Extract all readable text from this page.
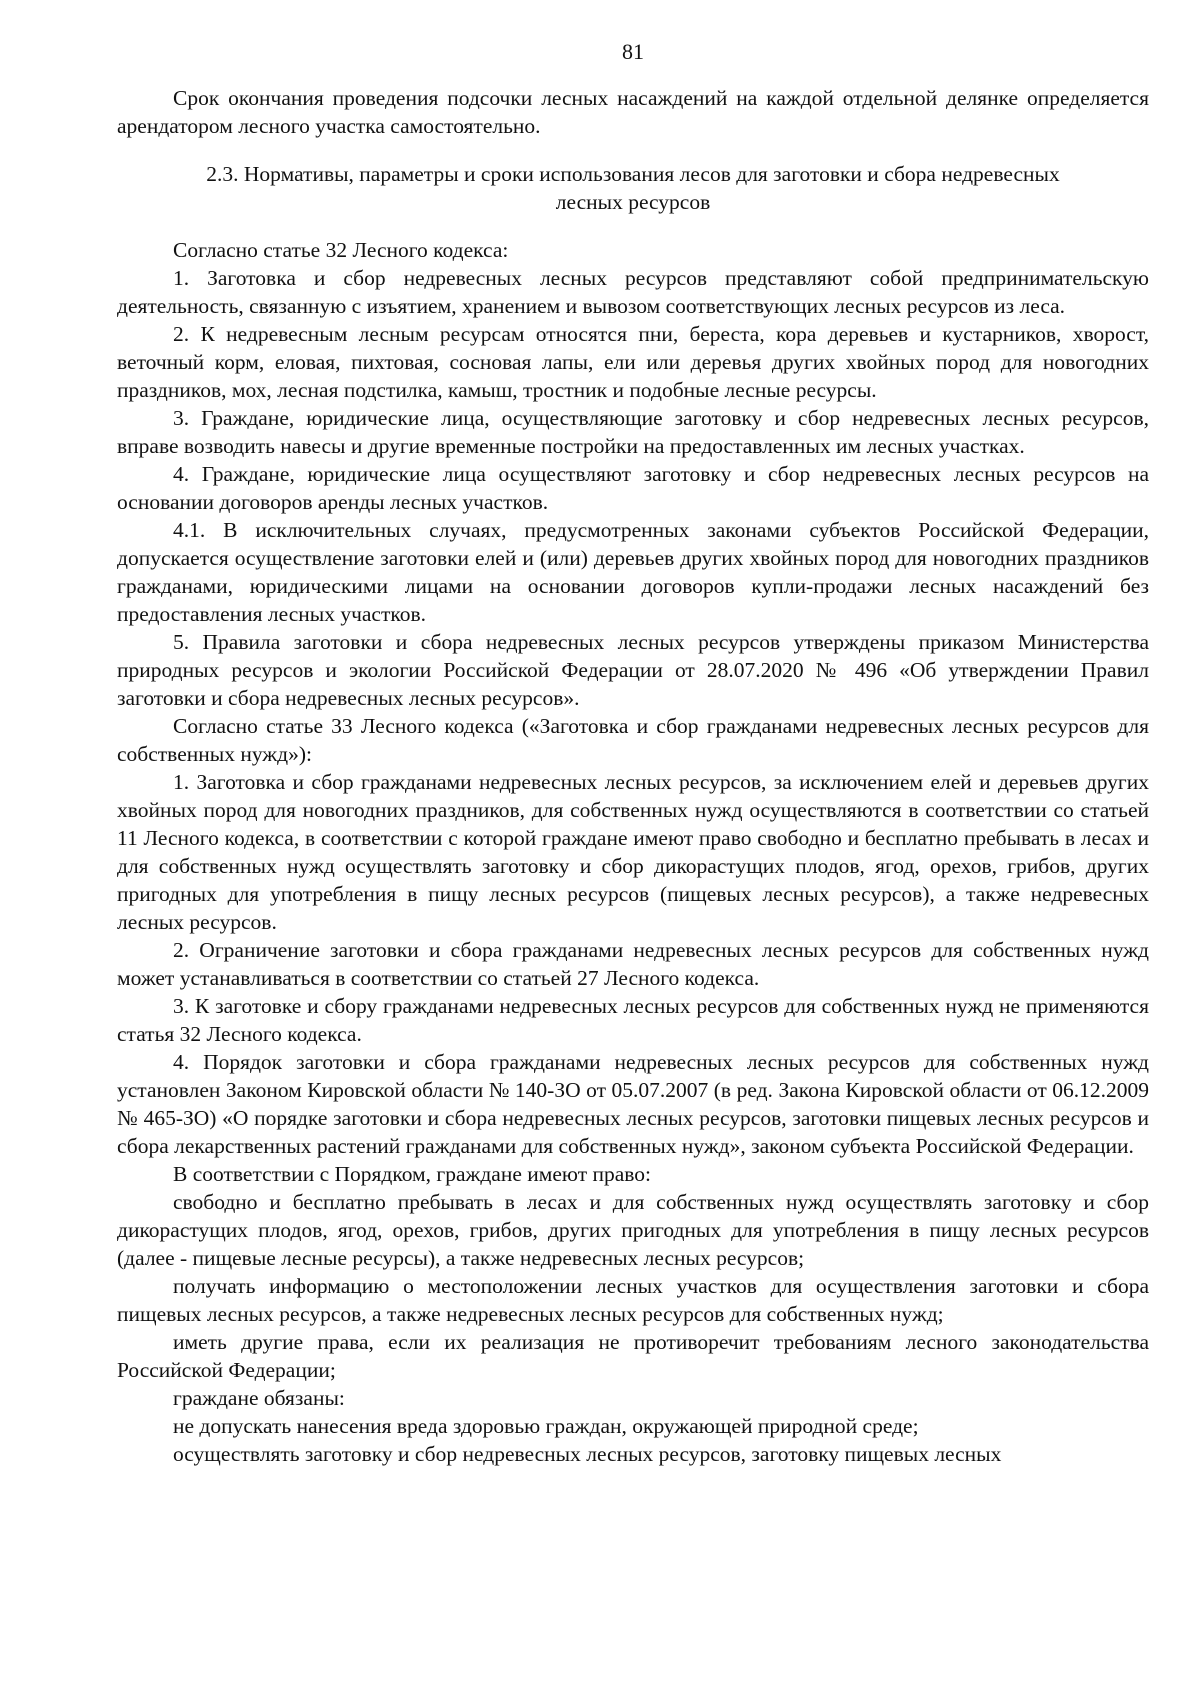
81

Срок окончания проведения подсочки лесных насаждений на каждой отдельной делянке определяется арендатором лесного участка самостоятельно.

2.3. Нормативы, параметры и сроки использования лесов для заготовки и сбора недревесных
лесных ресурсов

Согласно статье 32 Лесного кодекса:

1. Заготовка и сбор недревесных лесных ресурсов представляют собой предпринимательскую деятельность, связанную с изъятием, хранением и вывозом соответствующих лесных ресурсов из леса.

2. К недревесным лесным ресурсам относятся пни, береста, кора деревьев и кустарников, хворост, веточный корм, еловая, пихтовая, сосновая лапы, ели или деревья других хвойных пород для новогодних праздников, мох, лесная подстилка, камыш, тростник и подобные лесные ресурсы.

3. Граждане, юридические лица, осуществляющие заготовку и сбор недревесных лесных ресурсов, вправе возводить навесы и другие временные постройки на предоставленных им лесных участках.

4. Граждане, юридические лица осуществляют заготовку и сбор недревесных лесных ресурсов на основании договоров аренды лесных участков.

4.1. В исключительных случаях, предусмотренных законами субъектов Российской Федерации, допускается осуществление заготовки елей и (или) деревьев других хвойных пород для новогодних праздников гражданами, юридическими лицами на основании договоров купли-продажи лесных насаждений без предоставления лесных участков.

5. Правила заготовки и сбора недревесных лесных ресурсов утверждены приказом Министерства природных ресурсов и экологии Российской Федерации от 28.07.2020 № 496 «Об утверждении Правил заготовки и сбора недревесных лесных ресурсов».

Согласно статье 33 Лесного кодекса («Заготовка и сбор гражданами недревесных лесных ресурсов для собственных нужд»):

1. Заготовка и сбор гражданами недревесных лесных ресурсов, за исключением елей и деревьев других хвойных пород для новогодних праздников, для собственных нужд осуществляются в соответствии со статьей 11 Лесного кодекса, в соответствии с которой граждане имеют право свободно и бесплатно пребывать в лесах и для собственных нужд осуществлять заготовку и сбор дикорастущих плодов, ягод, орехов, грибов, других пригодных для употребления в пищу лесных ресурсов (пищевых лесных ресурсов), а также недревесных лесных ресурсов.

2. Ограничение заготовки и сбора гражданами недревесных лесных ресурсов для собственных нужд может устанавливаться в соответствии со статьей 27 Лесного кодекса.

3. К заготовке и сбору гражданами недревесных лесных ресурсов для собственных нужд не применяются статья 32 Лесного кодекса.

4. Порядок заготовки и сбора гражданами недревесных лесных ресурсов для собственных нужд установлен Законом Кировской области № 140-ЗО от 05.07.2007 (в ред. Закона Кировской области от 06.12.2009 № 465-ЗО) «О порядке заготовки и сбора недревесных лесных ресурсов, заготовки пищевых лесных ресурсов и сбора лекарственных растений гражданами для собственных нужд», законом субъекта Российской Федерации.

В соответствии с Порядком, граждане имеют право:

свободно и бесплатно пребывать в лесах и для собственных нужд осуществлять заготовку и сбор дикорастущих плодов, ягод, орехов, грибов, других пригодных для употребления в пищу лесных ресурсов (далее - пищевые лесные ресурсы), а также недревесных лесных ресурсов;

получать информацию о местоположении лесных участков для осуществления заготовки и сбора пищевых лесных ресурсов, а также недревесных лесных ресурсов для собственных нужд;

иметь другие права, если их реализация не противоречит требованиям лесного законодательства Российской Федерации;

граждане обязаны:

не допускать нанесения вреда здоровью граждан, окружающей природной среде;

осуществлять заготовку и сбор недревесных лесных ресурсов, заготовку пищевых лесных
